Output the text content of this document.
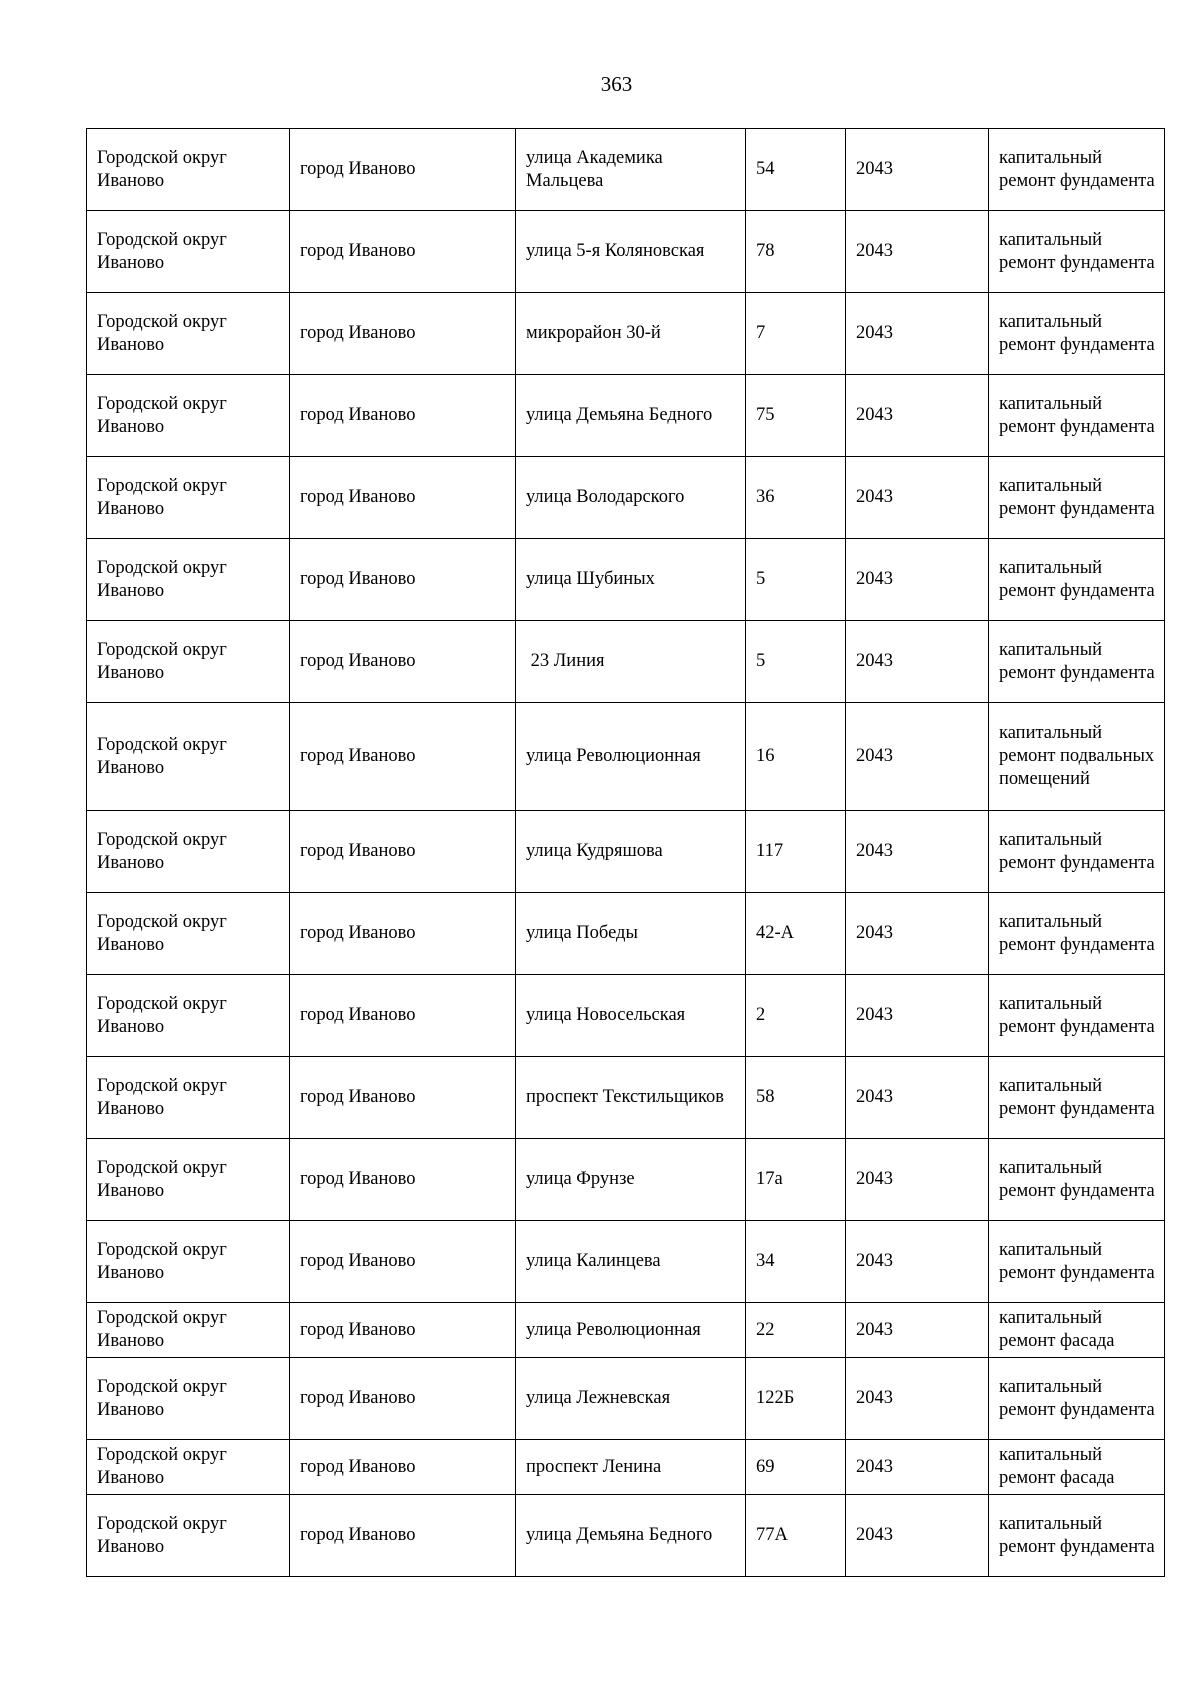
363
Городской округ Иваново	город Иваново	улица Академика Мальцева	54	2043	капитальный ремонт фундамента
Городской округ Иваново	город Иваново	улица 5-я Коляновская	78	2043	капитальный ремонт фундамента
Городской округ Иваново	город Иваново	микрорайон 30-й	7	2043	капитальный ремонт фундамента
Городской округ Иваново	город Иваново	улица Демьяна Бедного	75	2043	капитальный ремонт фундамента
Городской округ Иваново	город Иваново	улица Володарского	36	2043	капитальный ремонт фундамента
Городской округ Иваново	город Иваново	улица Шубиных	5	2043	капитальный ремонт фундамента
Городской округ Иваново	город Иваново	23 Линия	5	2043	капитальный ремонт фундамента
Городской округ Иваново	город Иваново	улица Революционная	16	2043	капитальный ремонт подвальных помещений
Городской округ Иваново	город Иваново	улица Кудряшова	117	2043	капитальный ремонт фундамента
Городской округ Иваново	город Иваново	улица Победы	42-А	2043	капитальный ремонт фундамента
Городской округ Иваново	город Иваново	улица Новосельская	2	2043	капитальный ремонт фундамента
Городской округ Иваново	город Иваново	проспект Текстильщиков	58	2043	капитальный ремонт фундамента
Городской округ Иваново	город Иваново	улица Фрунзе	17а	2043	капитальный ремонт фундамента
Городской округ Иваново	город Иваново	улица Калинцева	34	2043	капитальный ремонт фундамента
Городской округ Иваново	город Иваново	улица Революционная	22	2043	капитальный ремонт фасада
Городской округ Иваново	город Иваново	улица Лежневская	122Б	2043	капитальный ремонт фундамента
Городской округ Иваново	город Иваново	проспект Ленина	69	2043	капитальный ремонт фасада
Городской округ Иваново	город Иваново	улица Демьяна Бедного	77А	2043	капитальный ремонт фундамента
